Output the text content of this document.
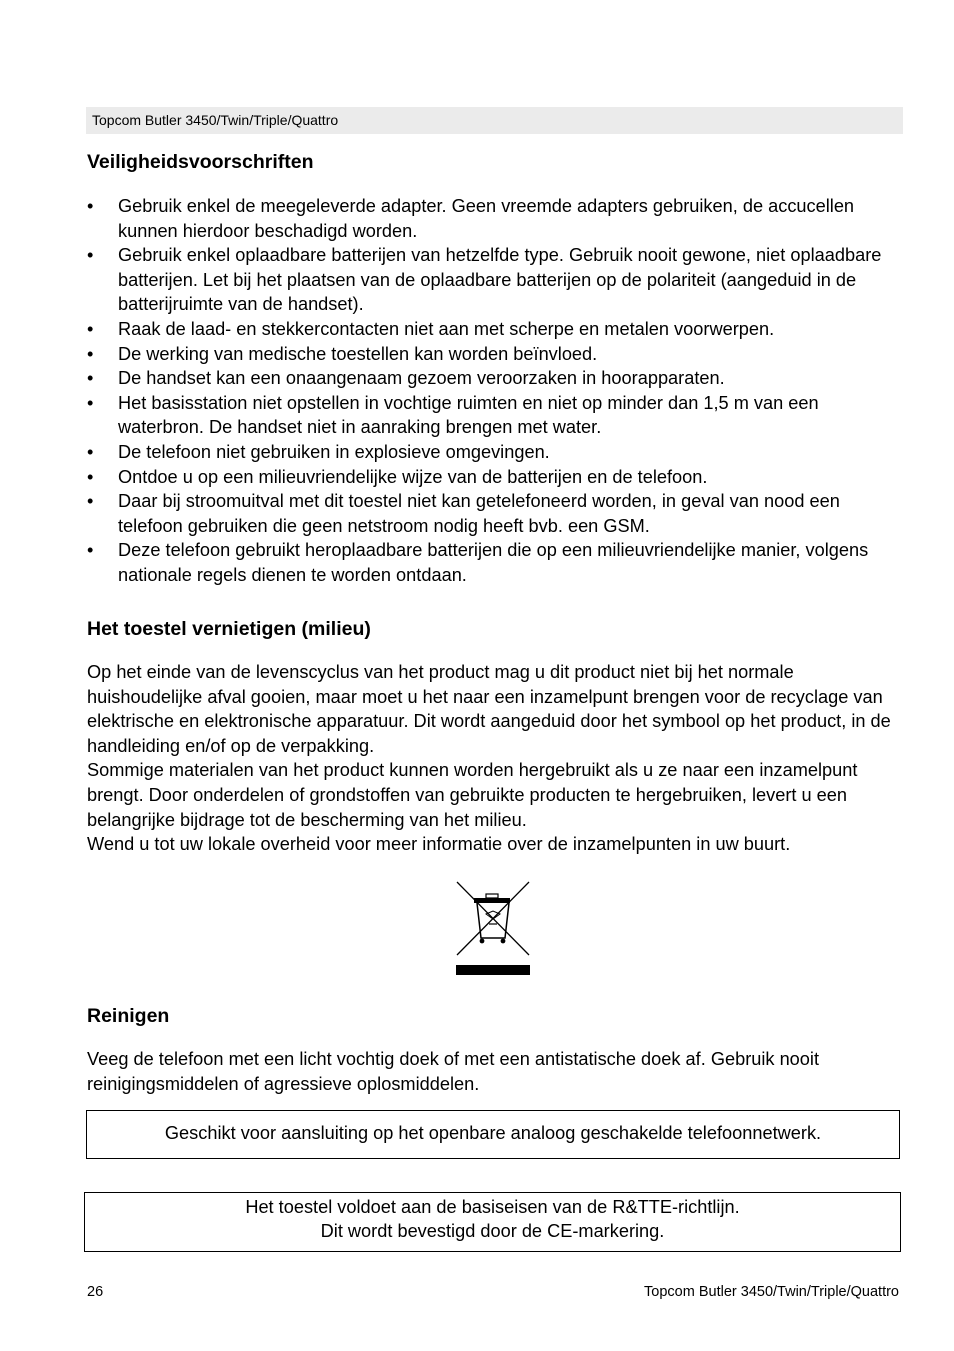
Topcom Butler 3450/Twin/Triple/Quattro
Veiligheidsvoorschriften
• Gebruik enkel de meegeleverde adapter. Geen vreemde adapters gebruiken, de accucellen kunnen hierdoor beschadigd worden.
• Gebruik enkel oplaadbare batterijen van hetzelfde type. Gebruik nooit gewone, niet oplaadbare batterijen. Let bij het plaatsen van de oplaadbare batterijen op de polariteit (aangeduid in de batterijruimte van de handset).
• Raak de laad- en stekkercontacten niet aan met scherpe en metalen voorwerpen.
• De werking van medische toestellen kan worden beïnvloed.
• De handset kan een onaangenaam gezoem veroorzaken in hoorapparaten.
• Het basisstation niet opstellen in vochtige ruimten en niet op minder dan 1,5 m van een waterbron. De handset niet in aanraking brengen met water.
• De telefoon niet gebruiken in explosieve omgevingen.
• Ontdoe u op een milieuvriendelijke wijze van de batterijen en de telefoon.
• Daar bij stroomuitval met dit toestel niet kan getelefoneerd worden, in geval van nood een telefoon gebruiken die geen netstroom nodig heeft bvb. een GSM.
• Deze telefoon gebruikt heroplaadbare batterijen die op een milieuvriendelijke manier, volgens nationale regels dienen te worden ontdaan.
Het toestel vernietigen (milieu)
Op het einde van de levenscyclus van het product mag u dit product niet bij het normale huishoudelijke afval gooien, maar moet u het naar een inzamelpunt brengen voor de recyclage van elektrische en elektronische apparatuur. Dit wordt aangeduid door het symbool op het product, in de handleiding en/of op de verpakking.
Sommige materialen van het product kunnen worden hergebruikt als u ze naar een inzamelpunt brengt. Door onderdelen of grondstoffen van gebruikte producten te hergebruiken, levert u een belangrijke bijdrage tot de bescherming van het milieu.
Wend u tot uw lokale overheid voor meer informatie over de inzamelpunten in uw buurt.
Reinigen
Veeg de telefoon met een licht vochtig doek of met een antistatische doek af. Gebruik nooit reinigingsmiddelen of agressieve oplosmiddelen.
Geschikt voor aansluiting op het openbare analoog geschakelde telefoonnetwerk.
Het toestel voldoet aan de basiseisen van de R&TTE-richtlijn.
Dit wordt bevestigd door de CE-markering.
26	Topcom Butler 3450/Twin/Triple/Quattro
